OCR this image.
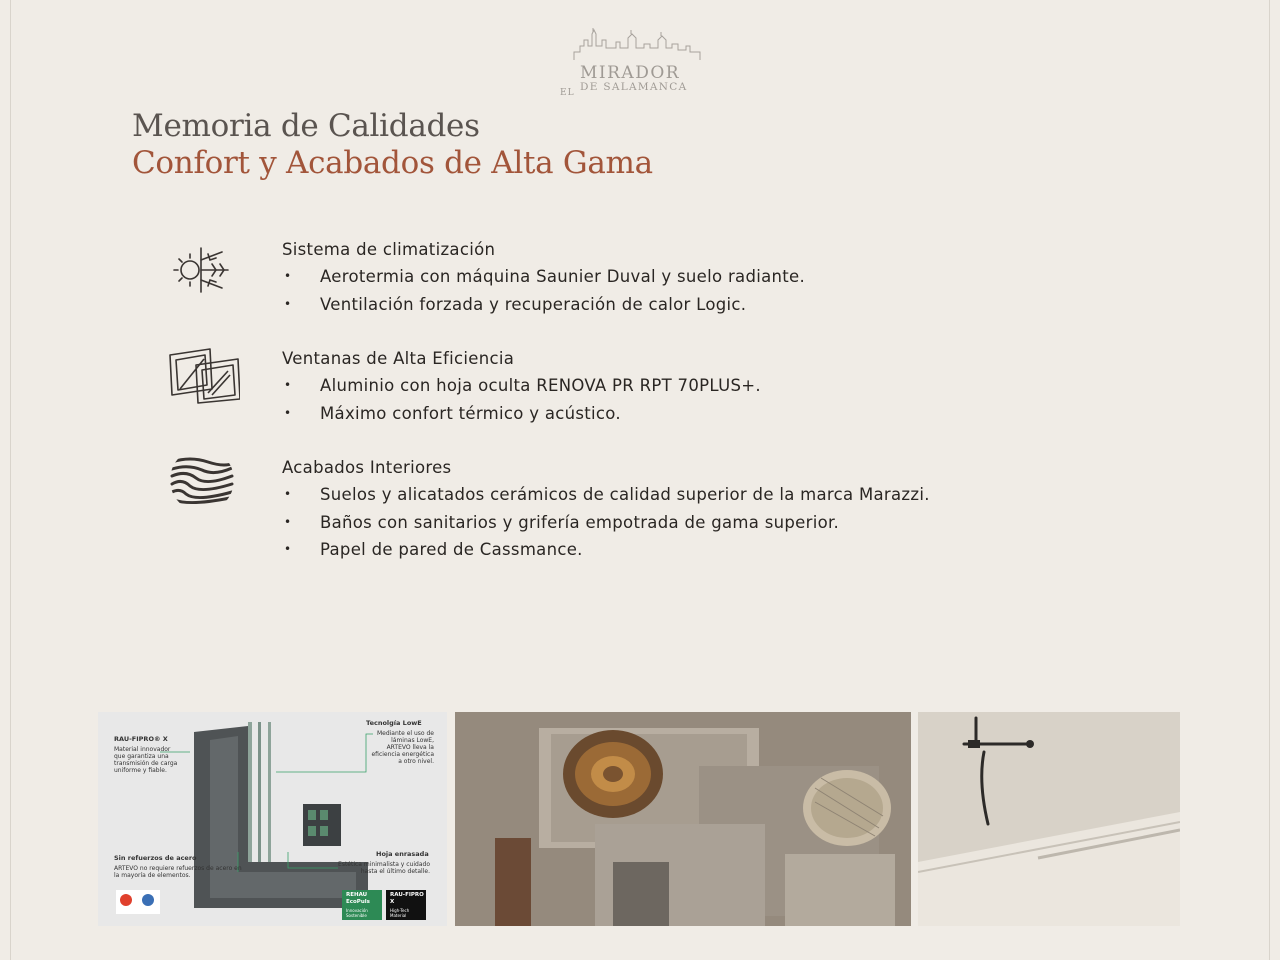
EL
MIRADOR
DE SALAMANCA
Memoria de Calidades
Confort y Acabados de Alta Gama
Sistema de climatización
• Aerotermia con máquina Saunier Duval y suelo radiante.
• Ventilación forzada y recuperación de calor Logic.
Ventanas de Alta Eficiencia
• Aluminio con hoja oculta RENOVA PR RPT 70PLUS+.
• Máximo confort térmico y acústico.
Acabados Interiores
• Suelos y alicatados cerámicos de calidad superior de la marca Marazzi.
• Baños con sanitarios y grifería empotrada de gama superior.
• Papel de pared de Cassmance.
RAU-FIPRO® X
Material innovador que garantiza una transmisión de carga uniforme y fiable.
Tecnolgía LowE
Mediante el uso de láminas LowE, ARTEVO lleva la eficiencia energética a otro nivel.
Sin refuerzos de acero
ARTEVO no requiere refuerzos de acero en la mayoría de elementos.
Hoja enrasada
Estética minimalista y cuidado hasta el último detalle.
REHAU EcoPuls
Innovación Sostenible
RAU-FIPRO X
High-Tech Material
